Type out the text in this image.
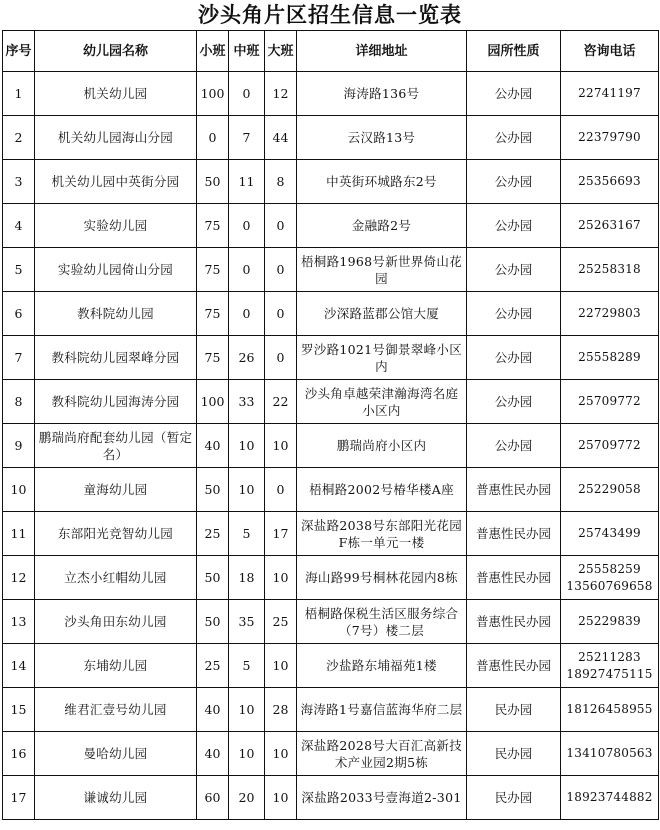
沙头角片区招生信息一览表
序号	幼儿园名称	小班	中班	大班	详细地址	园所性质	咨询电话
1	机关幼儿园	100	0	12	海涛路136号	公办园	22741197

2	机关幼儿园海山分园	0	7	44	云汉路13号	公办园	22379790

3	机关幼儿园中英街分园	50	11	8	中英街环城路东2号	公办园	25356693

4	实验幼儿园	75	0	0	金融路2号	公办园	25263167

5	实验幼儿园倚山分园	75	0	0	梧桐路1968号新世界倚山花园	公办园	25258318

6	教科院幼儿园	75	0	0	沙深路蓝郡公馆大厦	公办园	22729803

7	教科院幼儿园翠峰分园	75	26	0	罗沙路1021号御景翠峰小区内	公办园	25558289

8	教科院幼儿园海涛分园	100	33	22	沙头角卓越荣津瀚海湾名庭小区内	公办园	25709772

9	鹏瑞尚府配套幼儿园（暂定名）	40	10	10	鹏瑞尚府小区内	公办园	25709772

10	童海幼儿园	50	10	0	梧桐路2002号椿华楼A座	普惠性民办园	25229058

11	东部阳光竞智幼儿园	25	5	17	深盐路2038号东部阳光花园F栋一单元一楼	普惠性民办园	25743499

12	立杰小红帽幼儿园	50	18	10	海山路99号桐林花园内8栋	普惠性民办园	25558259
13560769658

13	沙头角田东幼儿园	50	35	25	梧桐路保税生活区服务综合（7号）楼二层	普惠性民办园	25229839

14	东埔幼儿园	25	5	10	沙盐路东埔福苑1楼	普惠性民办园	25211283
18927475115

15	维君汇壹号幼儿园	40	10	28	海涛路1号嘉信蓝海华府二层	民办园	18126458955

16	曼哈幼儿园	40	10	10	深盐路2028号大百汇高新技术产业园2期5栋	民办园	13410780563

17	谦诚幼儿园	60	20	10	深盐路2033号壹海道2-301	民办园	18923744882
